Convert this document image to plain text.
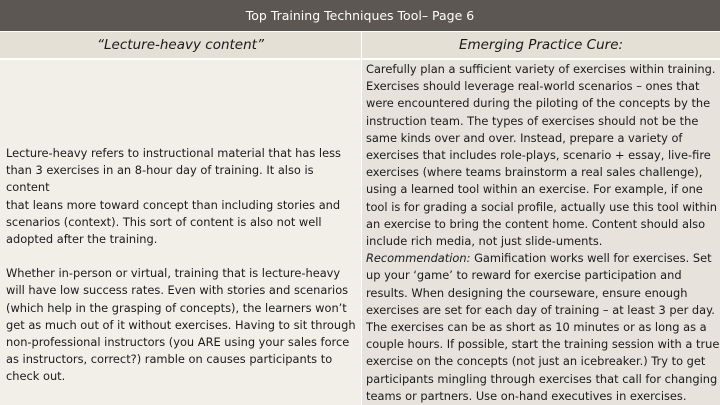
Top Training Techniques Tool– Page 6
“Lecture-heavy content”	Emerging Practice Cure:

Lecture-heavy refers to instructional material that has less
than 3 exercises in an 8-hour day of training. It also is content
that leans more toward concept than including stories and
scenarios (context). This sort of content is also not well
adopted after the training.

Whether in-person or virtual, training that is lecture-heavy
will have low success rates. Even with stories and scenarios
(which help in the grasping of concepts), the learners won’t
get as much out of it without exercises. Having to sit through
non-professional instructors (you ARE using your sales force
as instructors, correct?) ramble on causes participants to
check out.

Carefully plan a sufficient variety of exercises within training.
Exercises should leverage real-world scenarios – ones that
were encountered during the piloting of the concepts by the
instruction team. The types of exercises should not be the
same kinds over and over. Instead, prepare a variety of
exercises that includes role-plays, scenario + essay, live-fire
exercises (where teams brainstorm a real sales challenge),
using a learned tool within an exercise. For example, if one
tool is for grading a social profile, actually use this tool within
an exercise to bring the content home. Content should also
include rich media, not just slide-uments.
Recommendation: Gamification works well for exercises. Set
up your ‘game’ to reward for exercise participation and
results. When designing the courseware, ensure enough
exercises are set for each day of training – at least 3 per day.
The exercises can be as short as 10 minutes or as long as a
couple hours. If possible, start the training session with a true
exercise on the concepts (not just an icebreaker.) Try to get
participants mingling through exercises that call for changing
teams or partners. Use on-hand executives in exercises.
